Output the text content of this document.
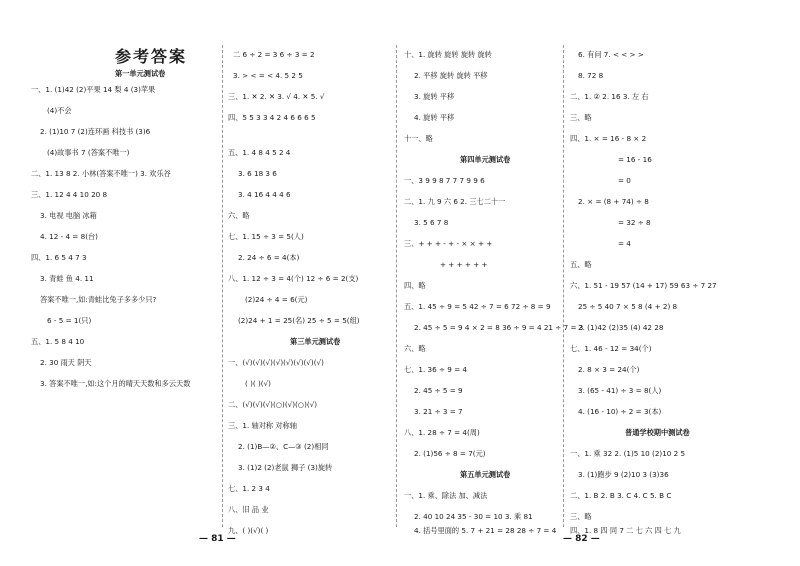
参考答案
第一单元测试卷
一、1. (1)42 (2)平果 14 梨 4 (3)苹果
(4)不会
2. (1)10 7 (2)连环画 科技书 (3)6
(4)故事书 7 (答案不唯一)
二、1. 13 8 2. 小林(答案不唯一) 3. 欢乐谷
三、1. 12 4 4 10 20 8
3. 电视 电脑 冰箱
4. 12 - 4 = 8(台)
四、1. 6 5 4 7 3
3. 青蛙 鱼 4. 11
答案不唯一,如:青蛙比兔子多多少只?
6 - 5 = 1(只)
五、1. 5 8 4 10
2. 30 雨天 阴天
3. 答案不唯一,如:这个月的晴天天数和多云天数
二 6 ÷ 2 = 3 6 ÷ 3 = 2
3. > < = < 4. 5 2 5
三、1. ✕ 2. ✕ 3. √ 4. ✕ 5. √
四、5 5 3 3 4 2 4 6 6 6 5
五、1. 4 8 4 5 2 4
3. 6 18 3 6
3. 4 16 4 4 4 6
六、略
七、1. 15 ÷ 3 = 5(人)
2. 24 ÷ 6 = 4(本)
八、1. 12 ÷ 3 = 4(个) 12 ÷ 6 = 2(支)
(2)24 ÷ 4 = 6(元)
(2)24 + 1 = 25(名) 25 ÷ 5 = 5(组)
第三单元测试卷
一、(√)(√)(√)(√)(√)(√)(√)(√)
( )( )(√)
二、(√)(√)(√)(○)(√)(○)(√)
三、1. 轴对称 对称轴
2. (1)B—②、C—③ (2)相同
3. (1)2 (2)老鼠 狮子 (3)旋转
七、1. 2 3 4
八、旧 品 业
九、( )(√)( )
十、1. 旋转 旋转 旋转 旋转
2. 平移 旋转 旋转 平移
3. 旋转 平移
4. 旋转 平移
十一、略
第四单元测试卷
一、3 9 9 8 7 7 7 9 9 6
二、1. 九 9 六 6 2. 三七二十一
3. 5 6 7 8
三、+ + + - + - × × + +
+ + + + + +
四、略
五、1. 45 ÷ 9 = 5 42 ÷ 7 = 6 72 ÷ 8 = 9
2. 45 ÷ 5 = 9 4 × 2 = 8 36 ÷ 9 = 4 21 ÷ 7 = 3
六、略
七、1. 36 ÷ 9 = 4
2. 45 ÷ 5 = 9
3. 21 ÷ 3 = 7
八、1. 28 ÷ 7 = 4(周)
2. (1)56 ÷ 8 = 7(元)
第五单元测试卷
一、1. 乘、除法 加、减法
2. 40 10 24 35 - 30 = 10 3. 乘 81
4. 括号里面的 5. 7 + 21 = 28 28 ÷ 7 = 4
6. 有问 7. < < > >
8. 72 8
二、1. ② 2. 16 3. 左 右
三、略
四、1. × = 16 - 8 × 2
= 16 - 16
= 0
2. × = (8 + 74) ÷ 8
= 32 ÷ 8
= 4
五、略
六、1. 51 - 19 57 (14 + 17) 59 63 ÷ 7 27
25 ÷ 5 40 7 × 5 8 (4 + 2) 8
2. (1)42 (2)35 (4) 42 28
七、1. 46 - 12 = 34(个)
2. 8 × 3 = 24(个)
3. (65 - 41) ÷ 3 = 8(人)
4. (16 - 10) ÷ 2 = 3(本)
普通学校期中测试卷
一、1. 乘 32 2. (1)5 10 (2)10 2 5
3. (1)跑步 9 (2)10 3 (3)36
二、1. B 2. B 3. C 4. C 5. B C
三、略
四、1. 8 四 同 7 二 七 六 四 七 九
— 81 —	— 82 —
